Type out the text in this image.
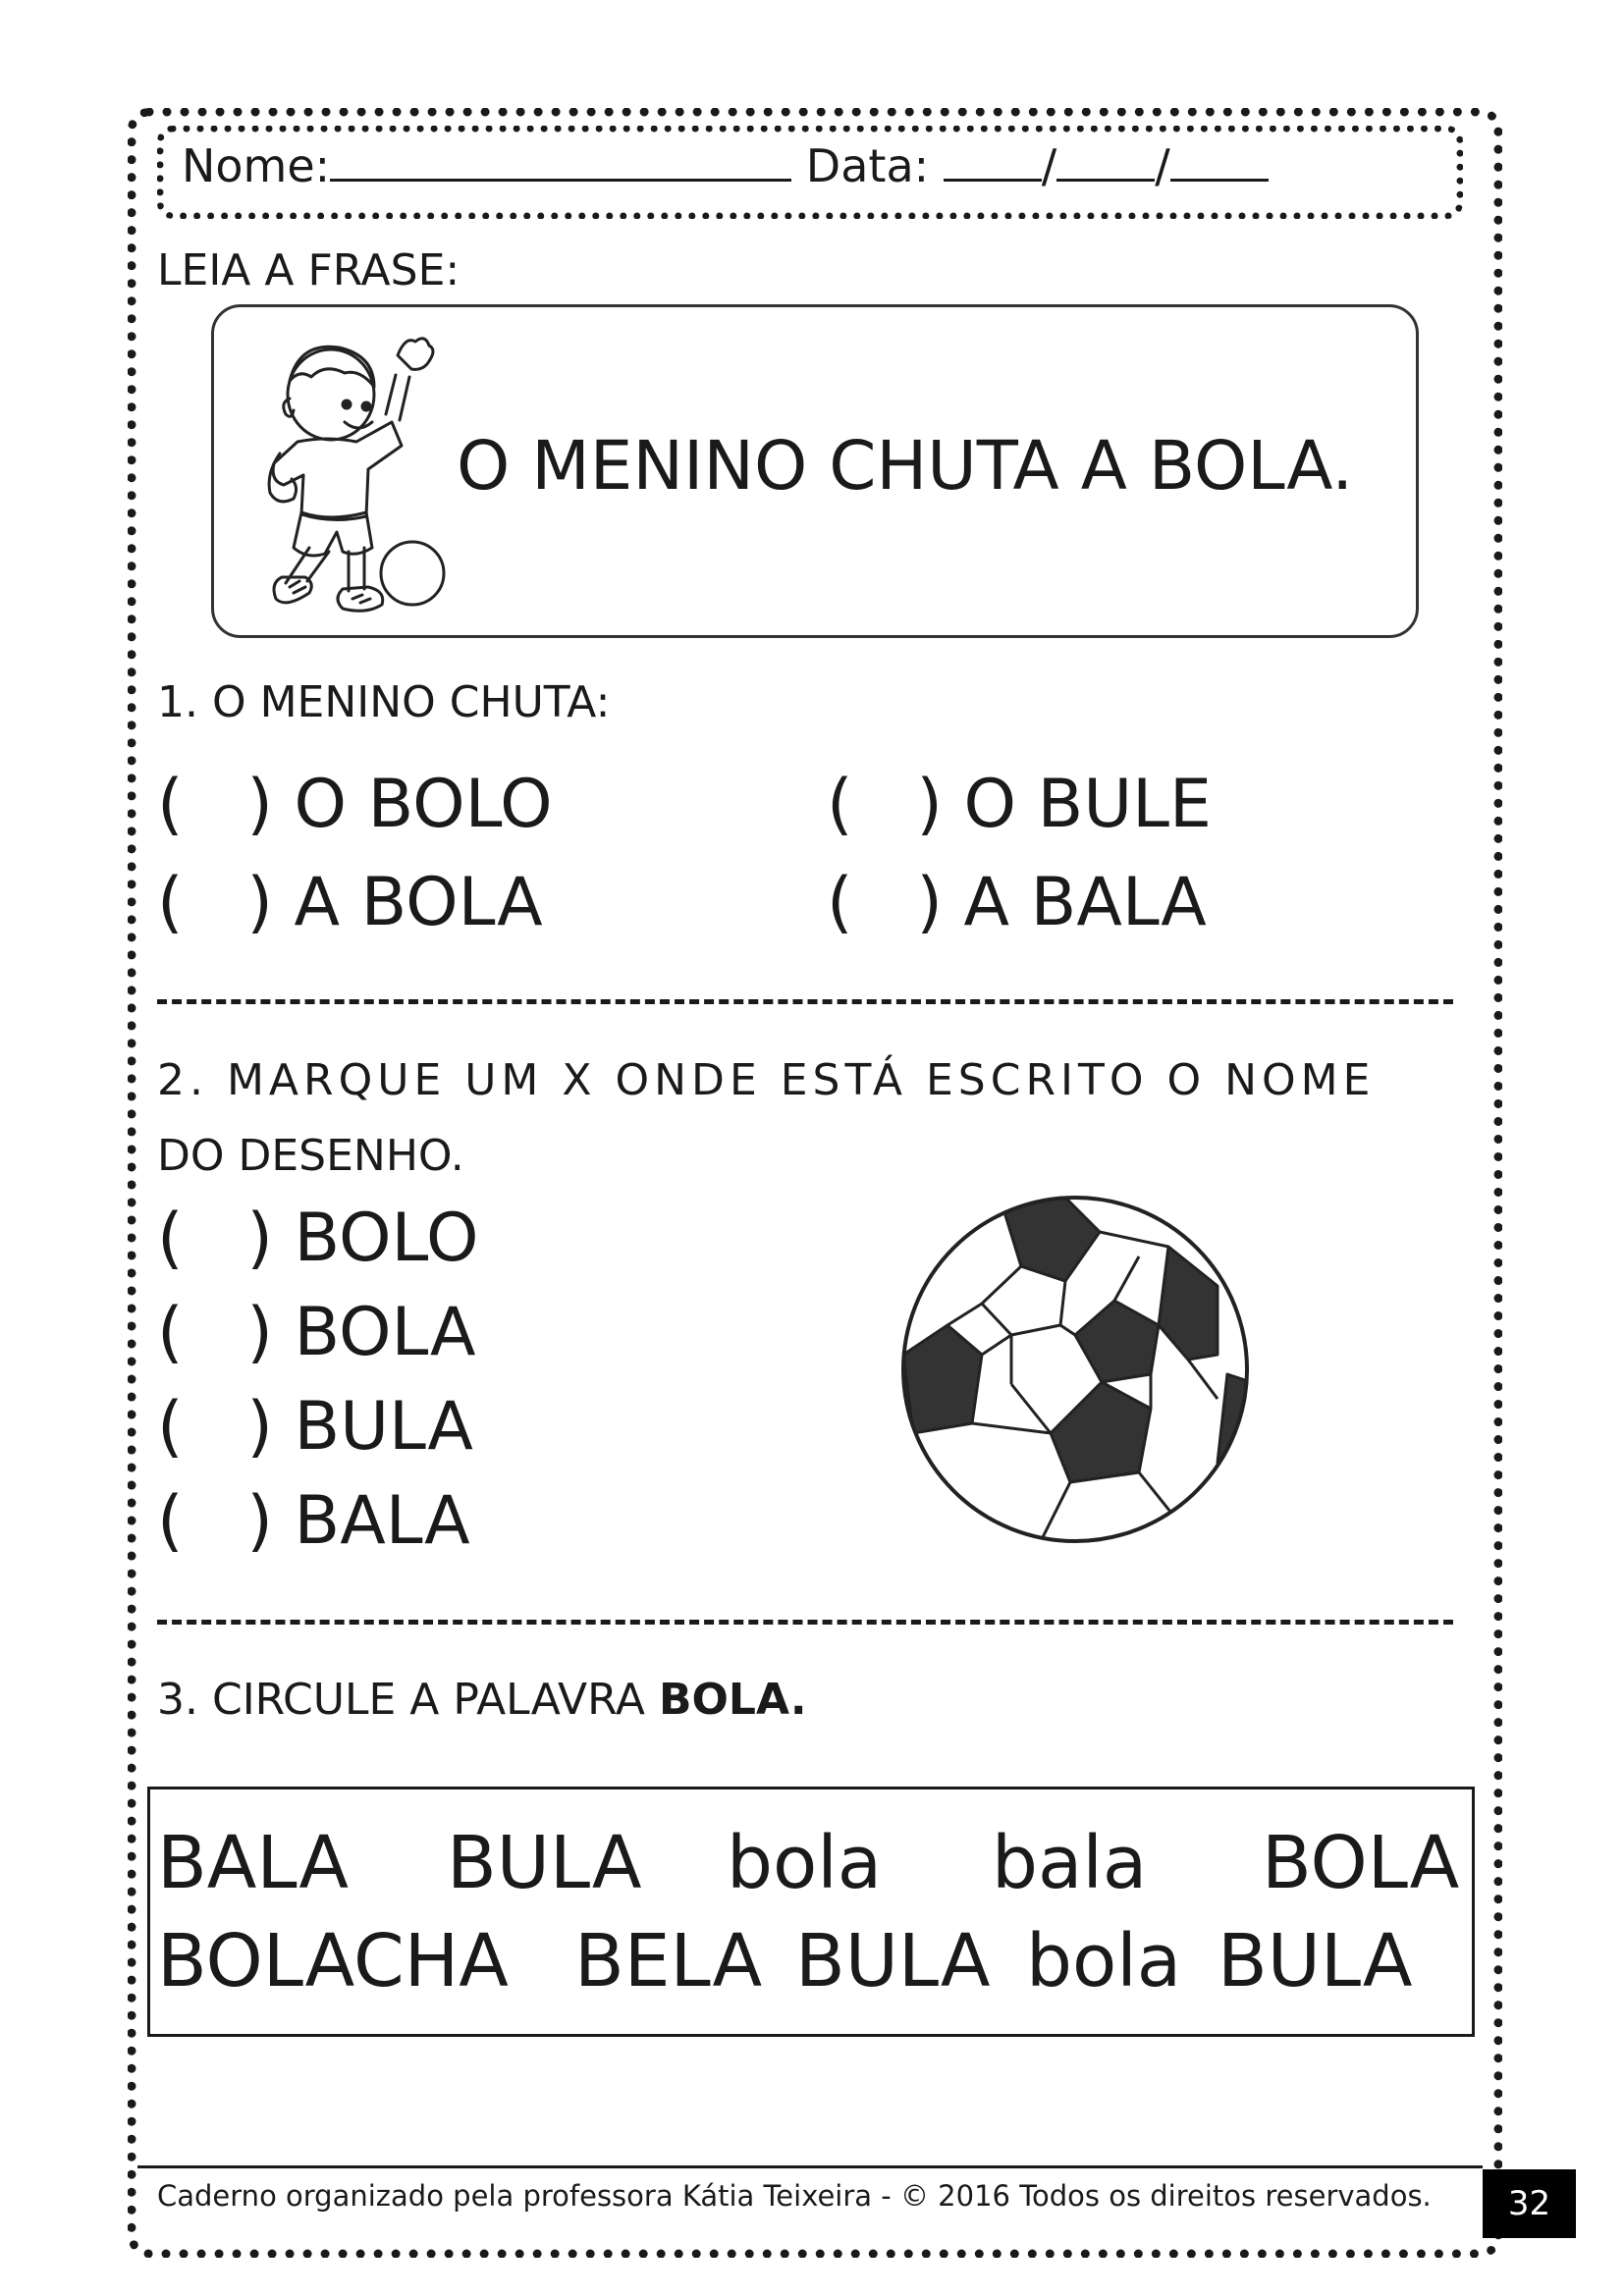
Nome:	Data: / /
LEIA A FRASE:
O MENINO CHUTA A BOLA.
1. O MENINO CHUTA:
( ) O BOLO	( ) O BULE
( ) A BOLA	( ) A BALA
2. MARQUE UM X ONDE ESTÁ ESCRITO O NOME
DO DESENHO.
( ) BOLO
( ) BOLA
( ) BULA
( ) BALA
3. CIRCULE A PALAVRA BOLA.
BALA BULA bola bala BOLA
BOLACHA BELA BULA bola BULA
Caderno organizado pela professora Kátia Teixeira - © 2016 Todos os direitos reservados.	32
